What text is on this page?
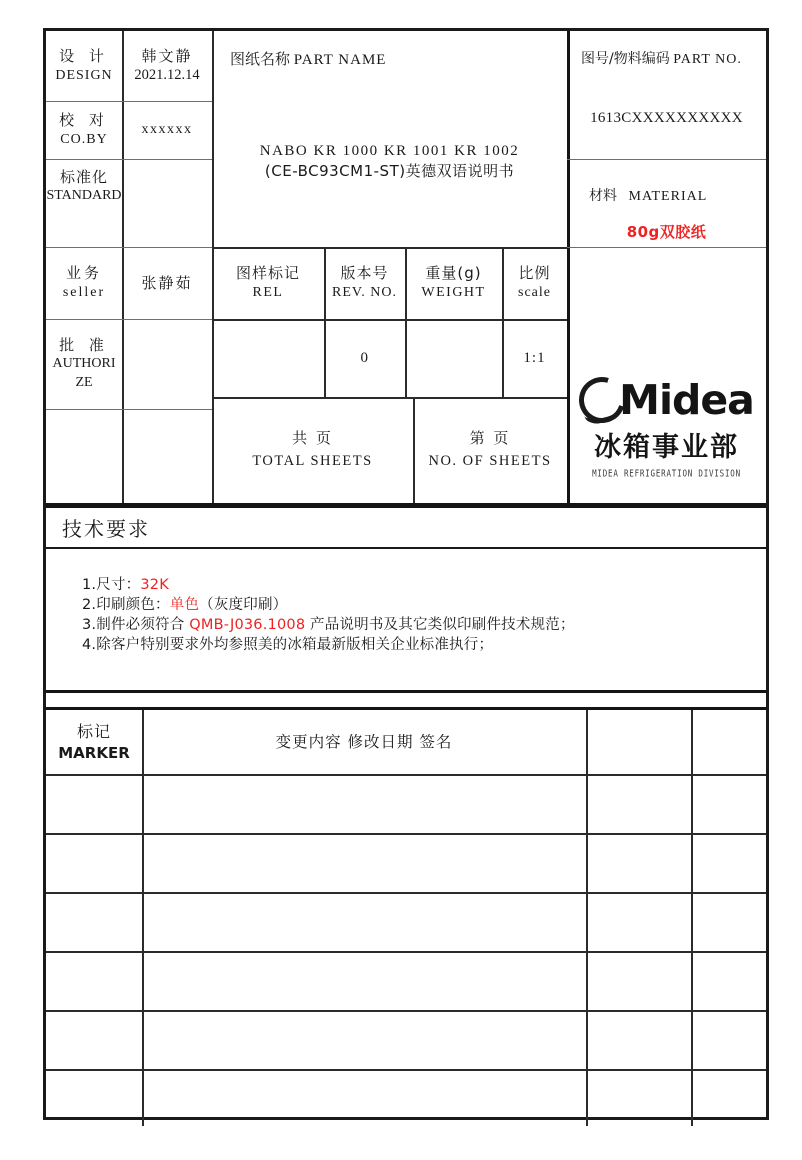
设 计
DESIGN
韩文静
2021.12.14
校 对
CO.BY
xxxxxx
标准化
STANDARD
业务
seller
张静茹
批 准
AUTHORI
ZE
图纸名称 PART NAME
NABO KR 1000 KR 1001 KR 1002
(CE-BC93CM1-ST)英德双语说明书
图号/物料编码 PART NO.
1613CXXXXXXXXXX
材料 MATERIAL
80g双胶纸
图样标记
REL
版本号
REV. NO.
重量(g)
WEIGHT
比例
scale
0	1:1
共 页
TOTAL SHEETS
第 页
NO. OF SHEETS
Midea
冰箱事业部
MIDEA REFRIGERATION DIVISION
技术要求
1.尺寸：32K
2.印刷颜色：单色（灰度印刷）
3.制件必须符合 QMB-J036.1008 产品说明书及其它类似印刷件技术规范；
4.除客户特别要求外均参照美的冰箱最新版相关企业标准执行；
标记
MARKER
变更内容 修改日期 签名
